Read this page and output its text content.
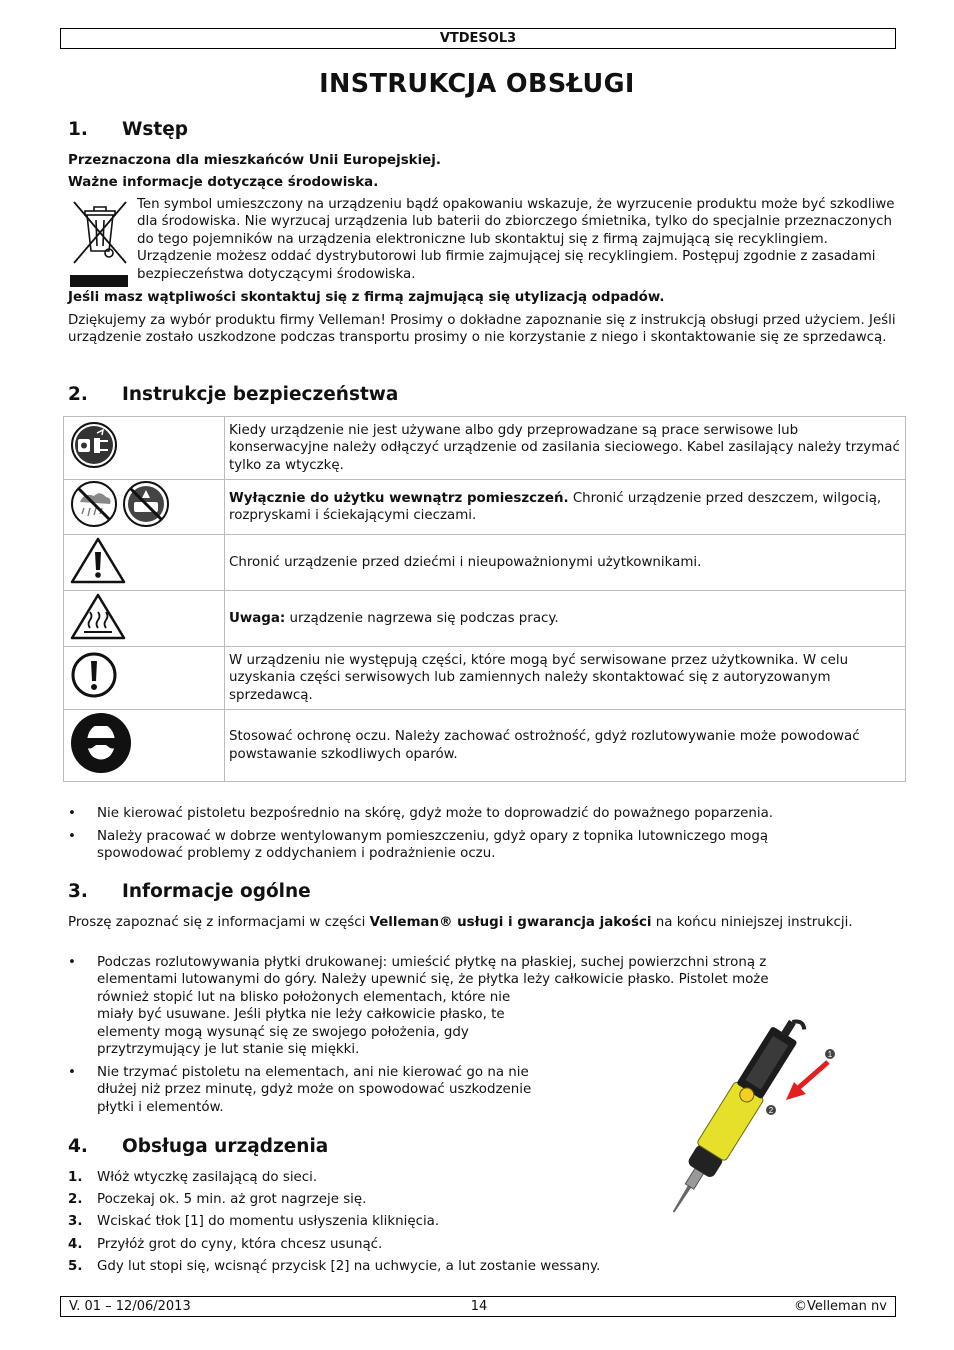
VTDESOL3
INSTRUKCJA OBSŁUGI
1. Wstęp
Przeznaczona dla mieszkańców Unii Europejskiej.
Ważne informacje dotyczące środowiska.
Ten symbol umieszczony na urządzeniu bądź opakowaniu wskazuje, że wyrzucenie produktu może być szkodliwe dla środowiska. Nie wyrzucaj urządzenia lub baterii do zbiorczego śmietnika, tylko do specjalnie przeznaczonych do tego pojemników na urządzenia elektroniczne lub skontaktuj się z firmą zajmującą się recyklingiem. Urządzenie możesz oddać dystrybutorowi lub firmie zajmującej się recyklingiem. Postępuj zgodnie z zasadami bezpieczeństwa dotyczącymi środowiska.
Jeśli masz wątpliwości skontaktuj się z firmą zajmującą się utylizacją odpadów.
Dziękujemy za wybór produktu firmy Velleman! Prosimy o dokładne zapoznanie się z instrukcją obsługi przed użyciem. Jeśli urządzenie zostało uszkodzone podczas transportu prosimy o nie korzystanie z niego i skontaktowanie się ze sprzedawcą.
2. Instrukcje bezpieczeństwa
	Kiedy urządzenie nie jest używane albo gdy przeprowadzane są prace serwisowe lub konserwacyjne należy odłączyć urządzenie od zasilania sieciowego. Kabel zasilający należy trzymać tylko za wtyczkę.
	Wyłącznie do użytku wewnątrz pomieszczeń. Chronić urządzenie przed deszczem, wilgocią, rozpryskami i ściekającymi cieczami.
	Chronić urządzenie przed dziećmi i nieupoważnionymi użytkownikami.
	Uwaga: urządzenie nagrzewa się podczas pracy.
	W urządzeniu nie występują części, które mogą być serwisowane przez użytkownika. W celu uzyskania części serwisowych lub zamiennych należy skontaktować się z autoryzowanym sprzedawcą.
	Stosować ochronę oczu. Należy zachować ostrożność, gdyż rozlutowywanie może powodować powstawanie szkodliwych oparów.
• Nie kierować pistoletu bezpośrednio na skórę, gdyż może to doprowadzić do poważnego poparzenia.
• Należy pracować w dobrze wentylowanym pomieszczeniu, gdyż opary z topnika lutowniczego mogą spowodować problemy z oddychaniem i podrażnienie oczu.
3. Informacje ogólne
Proszę zapoznać się z informacjami w części Velleman® usługi i gwarancja jakości na końcu niniejszej instrukcji.
• Podczas rozlutowywania płytki drukowanej: umieścić płytkę na płaskiej, suchej powierzchni stroną z elementami lutowanymi do góry. Należy upewnić się, że płytka leży całkowicie płasko. Pistolet może
również stopić lut na blisko położonych elementach, które nie miały być usuwane. Jeśli płytka nie leży całkowicie płasko, te elementy mogą wysunąć się ze swojego położenia, gdy przytrzymujący je lut stanie się miękki.
• Nie trzymać pistoletu na elementach, ani nie kierować go na nie dłużej niż przez minutę, gdyż może on spowodować uszkodzenie płytki i elementów.
4. Obsługa urządzenia
1. Włóż wtyczkę zasilającą do sieci.
2. Poczekaj ok. 5 min. aż grot nagrzeje się.
3. Wciskać tłok [1] do momentu usłyszenia kliknięcia.
4. Przyłóż grot do cyny, która chcesz usunąć.
5. Gdy lut stopi się, wcisnąć przycisk [2] na uchwycie, a lut zostanie wessany.
1
2
V. 01 – 12/06/2013	14	©Velleman nv
